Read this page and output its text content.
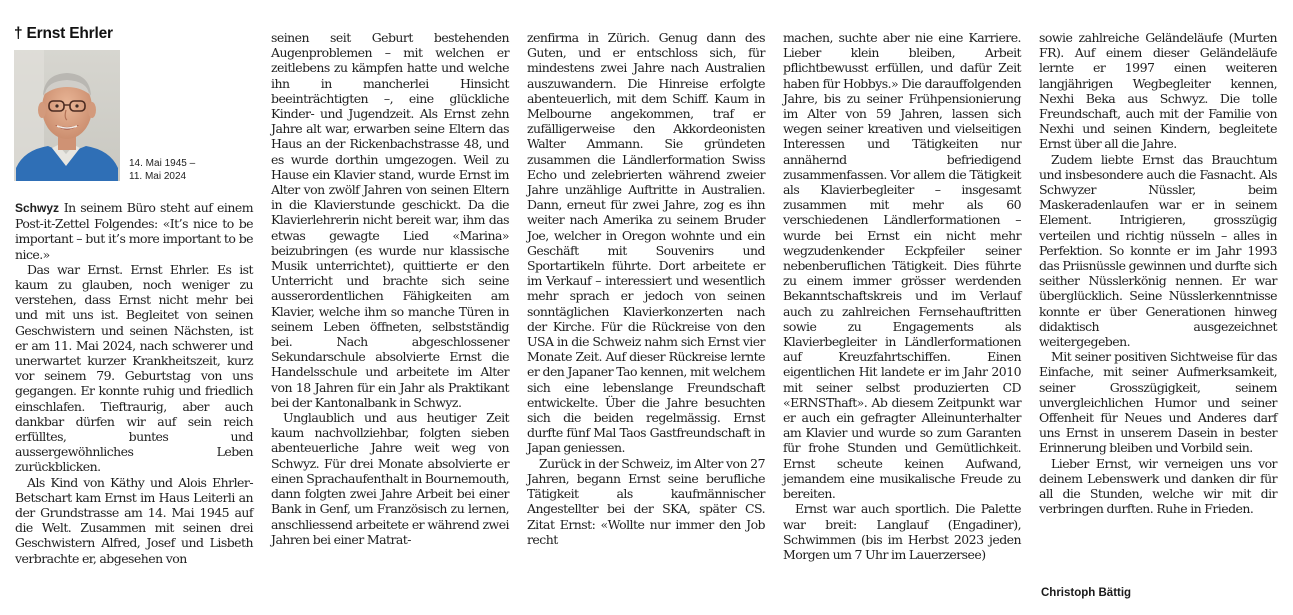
† Ernst Ehrler
14. Mai 1945 –
11. Mai 2024

Schwyz In seinem Büro steht auf einem Post-it-Zettel Folgendes: «It’s nice to be important – but it’s more important to be nice.»

Das war Ernst. Ernst Ehrler. Es ist kaum zu glauben, noch weniger zu verstehen, dass Ernst nicht mehr bei und mit uns ist. Begleitet von seinen Geschwistern und seinen Nächsten, ist er am 11. Mai 2024, nach schwerer und unerwartet kurzer Krankheitszeit, kurz vor seinem 79. Geburtstag von uns gegangen. Er konnte ruhig und friedlich einschlafen. Tieftraurig, aber auch dankbar dürfen wir auf sein reich erfülltes, buntes und aussergewöhnliches Leben zurückblicken.

Als Kind von Käthy und Alois Ehrler-Betschart kam Ernst im Haus Leiterli an der Grundstrasse am 14. Mai 1945 auf die Welt. Zusammen mit seinen drei Geschwistern Alfred, Josef und Lisbeth verbrachte er, abgesehen von

seinen seit Geburt bestehenden Augenproblemen – mit welchen er zeitlebens zu kämpfen hatte und welche ihn in mancherlei Hinsicht beeinträchtigten –, eine glückliche Kinder- und Jugendzeit. Als Ernst zehn Jahre alt war, erwarben seine Eltern das Haus an der Rickenbachstrasse 48, und es wurde dorthin umgezogen. Weil zu Hause ein Klavier stand, wurde Ernst im Alter von zwölf Jahren von seinen Eltern in die Klavierstunde geschickt. Da die Klavierlehrerin nicht bereit war, ihm das etwas gewagte Lied «Marina» beizubringen (es wurde nur klassische Musik unterrichtet), quittierte er den Unterricht und brachte sich seine ausserordentlichen Fähigkeiten am Klavier, welche ihm so manche Türen in seinem Leben öffneten, selbstständig bei. Nach abgeschlossener Sekundarschule absolvierte Ernst die Handelsschule und arbeitete im Alter von 18 Jahren für ein Jahr als Praktikant bei der Kantonalbank in Schwyz.

Unglaublich und aus heutiger Zeit kaum nachvollziehbar, folgten sieben abenteuerliche Jahre weit weg von Schwyz. Für drei Monate absolvierte er einen Sprachaufenthalt in Bournemouth, dann folgten zwei Jahre Arbeit bei einer Bank in Genf, um Französisch zu lernen, anschliessend arbeitete er während zwei Jahren bei einer Matrat-

zenfirma in Zürich. Genug dann des Guten, und er entschloss sich, für mindestens zwei Jahre nach Australien auszuwandern. Die Hinreise erfolgte abenteuerlich, mit dem Schiff. Kaum in Melbourne angekommen, traf er zufälligerweise den Akkordeonisten Walter Ammann. Sie gründeten zusammen die Ländlerformation Swiss Echo und zelebrierten während zweier Jahre unzählige Auftritte in Australien. Dann, erneut für zwei Jahre, zog es ihn weiter nach Amerika zu seinem Bruder Joe, welcher in Oregon wohnte und ein Geschäft mit Souvenirs und Sportartikeln führte. Dort arbeitete er im Verkauf – interessiert und wesentlich mehr sprach er jedoch von seinen sonntäglichen Klavierkonzerten nach der Kirche. Für die Rückreise von den USA in die Schweiz nahm sich Ernst vier Monate Zeit. Auf dieser Rückreise lernte er den Japaner Tao kennen, mit welchem sich eine lebenslange Freundschaft entwickelte. Über die Jahre besuchten sich die beiden regelmässig. Ernst durfte fünf Mal Taos Gastfreundschaft in Japan geniessen.

Zurück in der Schweiz, im Alter von 27 Jahren, begann Ernst seine berufliche Tätigkeit als kaufmännischer Angestellter bei der SKA, später CS. Zitat Ernst: «Wollte nur immer den Job recht

machen, suchte aber nie eine Karriere. Lieber klein bleiben, Arbeit pflichtbewusst erfüllen, und dafür Zeit haben für Hobbys.» Die darauffolgenden Jahre, bis zu seiner Frühpensionierung im Alter von 59 Jahren, lassen sich wegen seiner kreativen und vielseitigen Interessen und Tätigkeiten nur annähernd befriedigend zusammenfassen. Vor allem die Tätigkeit als Klavierbegleiter – insgesamt zusammen mit mehr als 60 verschiedenen Ländlerformationen – wurde bei Ernst ein nicht mehr wegzudenkender Eckpfeiler seiner nebenberuflichen Tätigkeit. Dies führte zu einem immer grösser werdenden Bekanntschaftskreis und im Verlauf auch zu zahlreichen Fernsehauftritten sowie zu Engagements als Klavierbegleiter in Ländlerformationen auf Kreuzfahrtschiffen. Einen eigentlichen Hit landete er im Jahr 2010 mit seiner selbst produzierten CD «ERNSThaft». Ab diesem Zeitpunkt war er auch ein gefragter Alleinunterhalter am Klavier und wurde so zum Garanten für frohe Stunden und Gemütlichkeit. Ernst scheute keinen Aufwand, jemandem eine musikalische Freude zu bereiten.

Ernst war auch sportlich. Die Palette war breit: Langlauf (Engadiner), Schwimmen (bis im Herbst 2023 jeden Morgen um 7 Uhr im Lauerzersee)

sowie zahlreiche Geländeläufe (Murten FR). Auf einem dieser Geländeläufe lernte er 1997 einen weiteren langjährigen Wegbegleiter kennen, Nexhi Beka aus Schwyz. Die tolle Freundschaft, auch mit der Familie von Nexhi und seinen Kindern, begleitete Ernst über all die Jahre.

Zudem liebte Ernst das Brauchtum und insbesondere auch die Fasnacht. Als Schwyzer Nüssler, beim Maskeradenlaufen war er in seinem Element. Intrigieren, grosszügig verteilen und richtig nüsseln – alles in Perfektion. So konnte er im Jahr 1993 das Priisnüssle gewinnen und durfte sich seither Nüsslerkönig nennen. Er war überglücklich. Seine Nüsslerkenntnisse konnte er über Generationen hinweg didaktisch ausgezeichnet weitergegeben.

Mit seiner positiven Sichtweise für das Einfache, mit seiner Aufmerksamkeit, seiner Grosszügigkeit, seinem unvergleichlichen Humor und seiner Offenheit für Neues und Anderes darf uns Ernst in unserem Dasein in bester Erinnerung bleiben und Vorbild sein.

Lieber Ernst, wir verneigen uns vor deinem Lebenswerk und danken dir für all die Stunden, welche wir mit dir verbringen durften. Ruhe in Frieden.

Christoph Bättig
